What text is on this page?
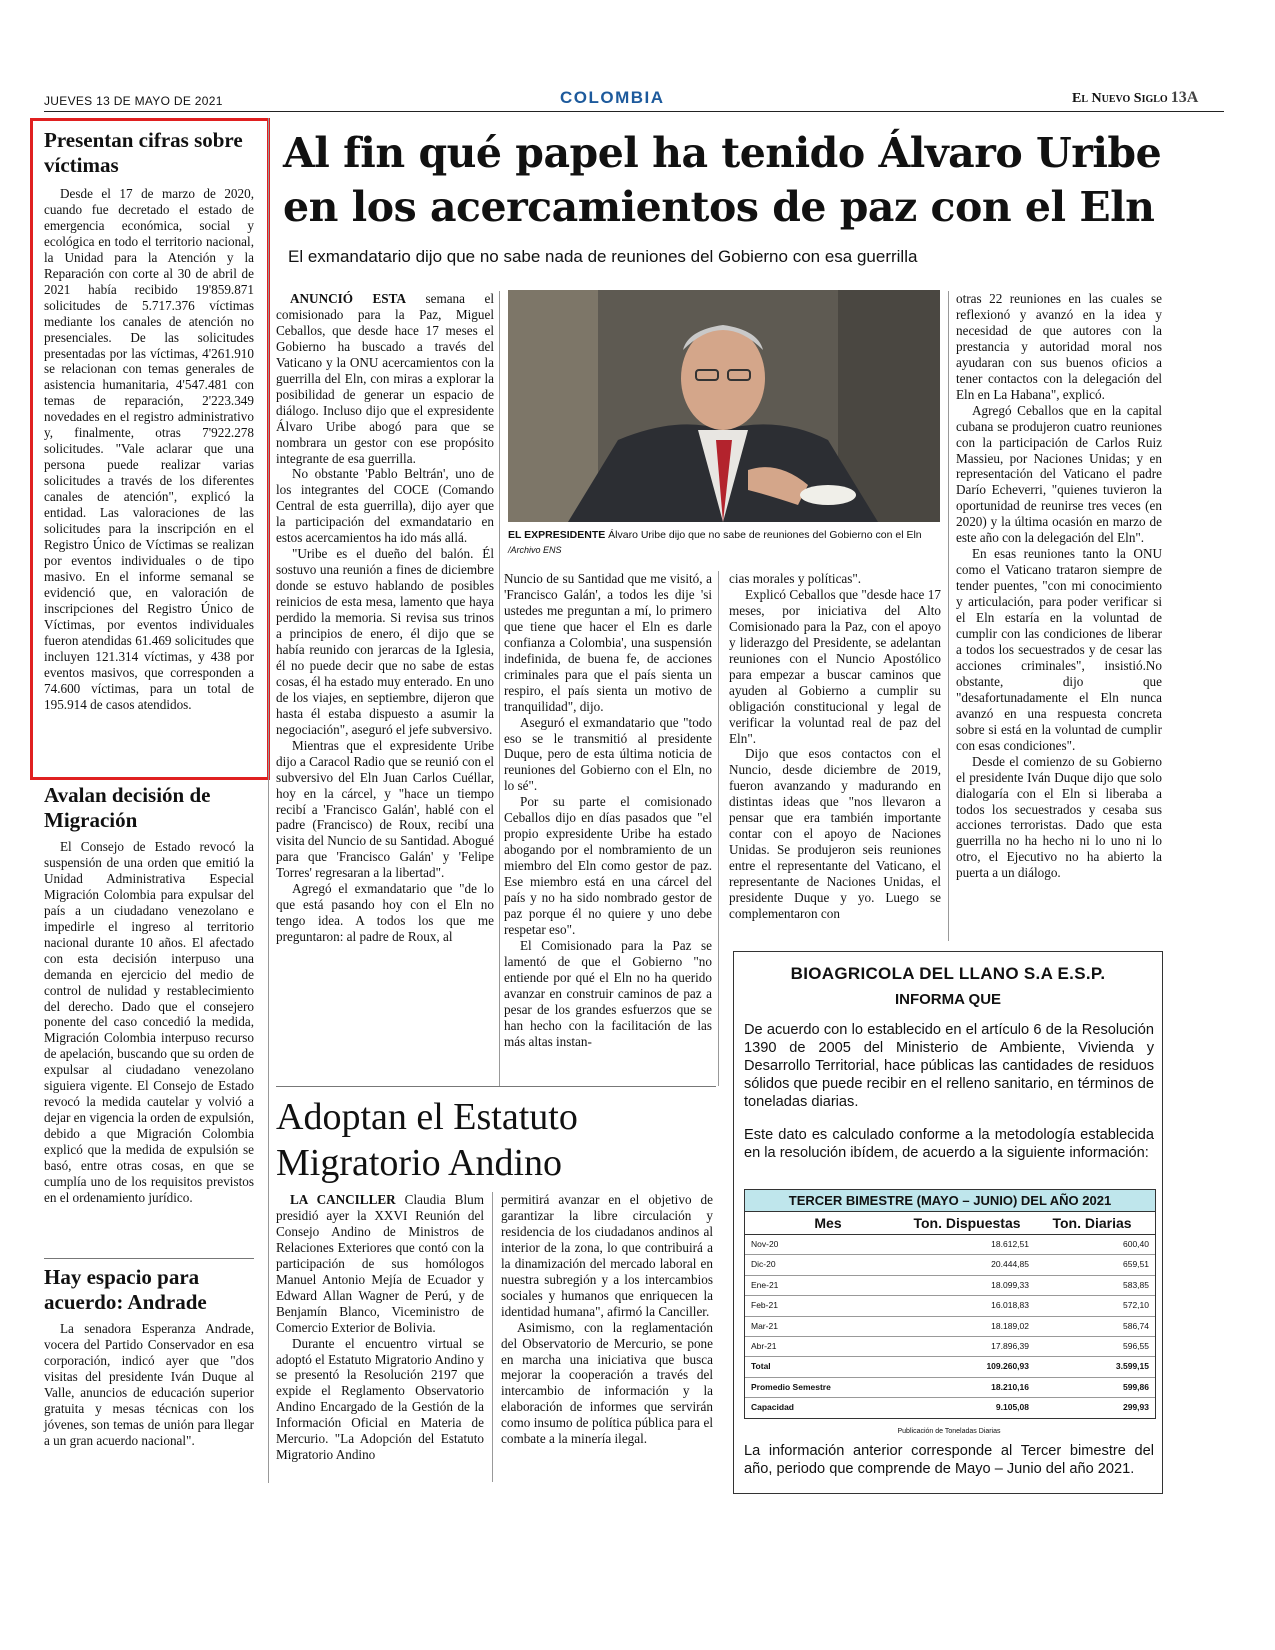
JUEVES 13 DE MAYO DE 2021	COLOMBIA	El Nuevo Siglo 13A
Presentan cifras sobre víctimas

Desde el 17 de marzo de 2020, cuando fue decretado el estado de emergencia económica, social y ecológica en todo el territorio nacional, la Unidad para la Atención y la Reparación con corte al 30 de abril de 2021 había recibido 19'859.871 solicitudes de 5.717.376 víctimas mediante los canales de atención no presenciales. De las solicitudes presentadas por las víctimas, 4'261.910 se relacionan con temas generales de asistencia humanitaria, 4'547.481 con temas de reparación, 2'223.349 novedades en el registro administrativo y, finalmente, otras 7'922.278 solicitudes. "Vale aclarar que una persona puede realizar varias solicitudes a través de los diferentes canales de atención", explicó la entidad. Las valoraciones de las solicitudes para la inscripción en el Registro Único de Víctimas se realizan por eventos individuales o de tipo masivo. En el informe semanal se evidenció que, en valoración de inscripciones del Registro Único de Víctimas, por eventos individuales fueron atendidas 61.469 solicitudes que incluyen 121.314 víctimas, y 438 por eventos masivos, que corresponden a 74.600 víctimas, para un total de 195.914 de casos atendidos.

Avalan decisión de Migración

El Consejo de Estado revocó la suspensión de una orden que emitió la Unidad Administrativa Especial Migración Colombia para expulsar del país a un ciudadano venezolano e impedirle el ingreso al territorio nacional durante 10 años. El afectado con esta decisión interpuso una demanda en ejercicio del medio de control de nulidad y restablecimiento del derecho. Dado que el consejero ponente del caso concedió la medida, Migración Colombia interpuso recurso de apelación, buscando que su orden de expulsar al ciudadano venezolano siguiera vigente. El Consejo de Estado revocó la medida cautelar y volvió a dejar en vigencia la orden de expulsión, debido a que Migración Colombia explicó que la medida de expulsión se basó, entre otras cosas, en que se cumplía uno de los requisitos previstos en el ordenamiento jurídico.

Hay espacio para acuerdo: Andrade

La senadora Esperanza Andrade, vocera del Partido Conservador en esa corporación, indicó ayer que "dos visitas del presidente Iván Duque al Valle, anuncios de educación superior gratuita y mesas técnicas con los jóvenes, son temas de unión para llegar a un gran acuerdo nacional".

Al fin qué papel ha tenido Álvaro Uribe en los acercamientos de paz con el Eln
El exmandatario dijo que no sabe nada de reuniones del Gobierno con esa guerrilla

ANUNCIÓ ESTA semana el comisionado para la Paz, Miguel Ceballos, que desde hace 17 meses el Gobierno ha buscado a través del Vaticano y la ONU acercamientos con la guerrilla del Eln, con miras a explorar la posibilidad de generar un espacio de diálogo. Incluso dijo que el expresidente Álvaro Uribe abogó para que se nombrara un gestor con ese propósito integrante de esa guerrilla.

No obstante 'Pablo Beltrán', uno de los integrantes del COCE (Comando Central de esta guerrilla), dijo ayer que la participación del exmandatario en estos acercamientos ha ido más allá.

"Uribe es el dueño del balón. Él sostuvo una reunión a fines de diciembre donde se estuvo hablando de posibles reinicios de esta mesa, lamento que haya perdido la memoria. Si revisa sus trinos a principios de enero, él dijo que se había reunido con jerarcas de la Iglesia, él no puede decir que no sabe de estas cosas, él ha estado muy enterado. En uno de los viajes, en septiembre, dijeron que hasta él estaba dispuesto a asumir la negociación", aseguró el jefe subversivo.

Mientras que el expresidente Uribe dijo a Caracol Radio que se reunió con el subversivo del Eln Juan Carlos Cuéllar, hoy en la cárcel, y "hace un tiempo recibí a 'Francisco Galán', hablé con el padre (Francisco) de Roux, recibí una visita del Nuncio de su Santidad. Abogué para que 'Francisco Galán' y 'Felipe Torres' regresaran a la libertad".

Agregó el exmandatario que "de lo que está pasando hoy con el Eln no tengo idea. A todos los que me preguntaron: al padre de Roux, al

EL EXPRESIDENTE Álvaro Uribe dijo que no sabe de reuniones del Gobierno con el Eln /Archivo ENS

Nuncio de su Santidad que me visitó, a 'Francisco Galán', a todos les dije 'si ustedes me preguntan a mí, lo primero que tiene que hacer el Eln es darle confianza a Colombia', una suspensión indefinida, de buena fe, de acciones criminales para que el país sienta un respiro, el país sienta un motivo de tranquilidad", dijo.

Aseguró el exmandatario que "todo eso se le transmitió al presidente Duque, pero de esta última noticia de reuniones del Gobierno con el Eln, no lo sé".

Por su parte el comisionado Ceballos dijo en días pasados que "el propio expresidente Uribe ha estado abogando por el nombramiento de un miembro del Eln como gestor de paz. Ese miembro está en una cárcel del país y no ha sido nombrado gestor de paz porque él no quiere y uno debe respetar eso".

El Comisionado para la Paz se lamentó de que el Gobierno "no entiende por qué el Eln no ha querido avanzar en construir caminos de paz a pesar de los grandes esfuerzos que se han hecho con la facilitación de las más altas instan-

cias morales y políticas".

Explicó Ceballos que "desde hace 17 meses, por iniciativa del Alto Comisionado para la Paz, con el apoyo y liderazgo del Presidente, se adelantan reuniones con el Nuncio Apostólico para empezar a buscar caminos que ayuden al Gobierno a cumplir su obligación constitucional y legal de verificar la voluntad real de paz del Eln".

Dijo que esos contactos con el Nuncio, desde diciembre de 2019, fueron avanzando y madurando en distintas ideas que "nos llevaron a pensar que era también importante contar con el apoyo de Naciones Unidas. Se produjeron seis reuniones entre el representante del Vaticano, el representante de Naciones Unidas, el presidente Duque y yo. Luego se complementaron con

otras 22 reuniones en las cuales se reflexionó y avanzó en la idea y necesidad de que autores con la prestancia y autoridad moral nos ayudaran con sus buenos oficios a tener contactos con la delegación del Eln en La Habana", explicó.

Agregó Ceballos que en la capital cubana se produjeron cuatro reuniones con la participación de Carlos Ruiz Massieu, por Naciones Unidas; y en representación del Vaticano el padre Darío Echeverri, "quienes tuvieron la oportunidad de reunirse tres veces (en 2020) y la última ocasión en marzo de este año con la delegación del Eln".

En esas reuniones tanto la ONU como el Vaticano trataron siempre de tender puentes, "con mi conocimiento y articulación, para poder verificar si el Eln estaría en la voluntad de cumplir con las condiciones de liberar a todos los secuestrados y de cesar las acciones criminales", insistió.No obstante, dijo que "desafortunadamente el Eln nunca avanzó en una respuesta concreta sobre si está en la voluntad de cumplir con esas condiciones".

Desde el comienzo de su Gobierno el presidente Iván Duque dijo que solo dialogaría con el Eln si liberaba a todos los secuestrados y cesaba sus acciones terroristas. Dado que esta guerrilla no ha hecho ni lo uno ni lo otro, el Ejecutivo no ha abierto la puerta a un diálogo.

Adoptan el Estatuto Migratorio Andino

LA CANCILLER Claudia Blum presidió ayer la XXVI Reunión del Consejo Andino de Ministros de Relaciones Exteriores que contó con la participación de sus homólogos Manuel Antonio Mejía de Ecuador y Edward Allan Wagner de Perú, y de Benjamín Blanco, Viceministro de Comercio Exterior de Bolivia.

Durante el encuentro virtual se adoptó el Estatuto Migratorio Andino y se presentó la Resolución 2197 que expide el Reglamento Observatorio Andino Encargado de la Gestión de la Información Oficial en Materia de Mercurio. "La Adopción del Estatuto Migratorio Andino

permitirá avanzar en el objetivo de garantizar la libre circulación y residencia de los ciudadanos andinos al interior de la zona, lo que contribuirá a la dinamización del mercado laboral en nuestra subregión y a los intercambios sociales y humanos que enriquecen la identidad humana", afirmó la Canciller.

Asimismo, con la reglamentación del Observatorio de Mercurio, se pone en marcha una iniciativa que busca mejorar la cooperación a través del intercambio de información y la elaboración de informes que servirán como insumo de política pública para el combate a la minería ilegal.

BIOAGRICOLA DEL LLANO S.A E.S.P.
INFORMA QUE
De acuerdo con lo establecido en el artículo 6 de la Resolución 1390 de 2005 del Ministerio de Ambiente, Vivienda y Desarrollo Territorial, hace públicas las cantidades de residuos sólidos que puede recibir en el relleno sanitario, en términos de toneladas diarias.
Este dato es calculado conforme a la metodología establecida en la resolución ibídem, de acuerdo a la siguiente información:
TERCER BIMESTRE (MAYO – JUNIO) DEL AÑO 2021
Mes	Ton. Dispuestas	Ton. Diarias
Nov-20	18.612,51	600,40
Dic-20	20.444,85	659,51
Ene-21	18.099,33	583,85
Feb-21	16.018,83	572,10
Mar-21	18.189,02	586,74
Abr-21	17.896,39	596,55
Total	109.260,93	3.599,15
Promedio Semestre	18.210,16	599,86
Capacidad	9.105,08	299,93
Publicación de Toneladas Diarias
La información anterior corresponde al Tercer bimestre del año, periodo que comprende de Mayo – Junio del año 2021.
